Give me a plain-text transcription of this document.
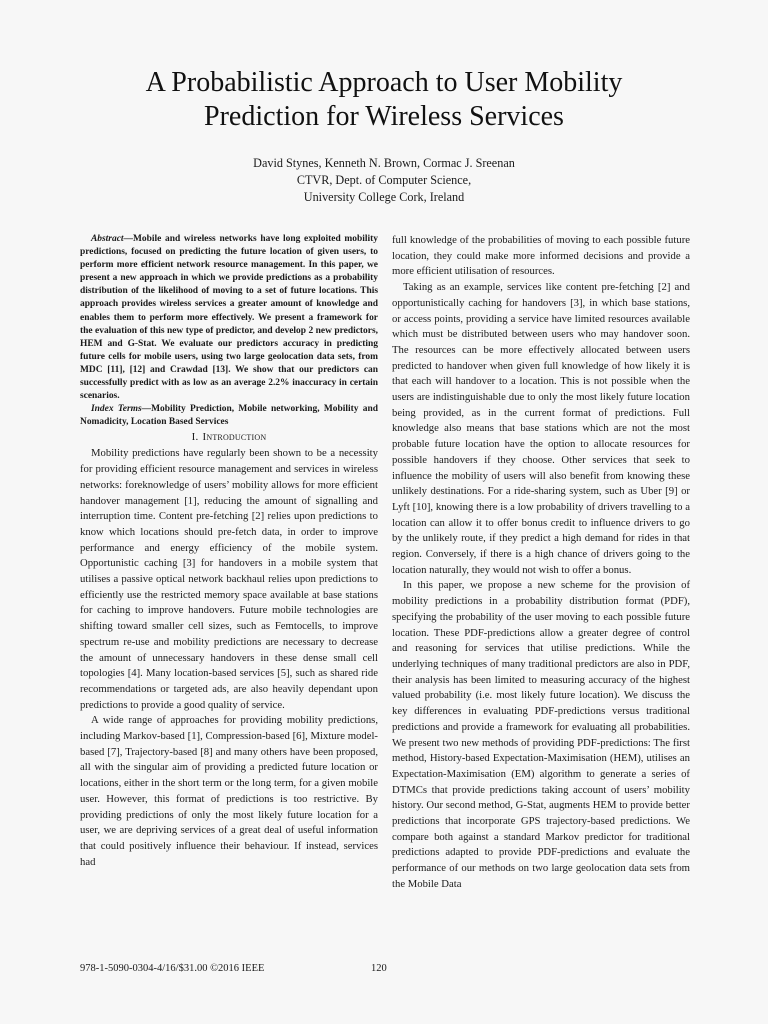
A Probabilistic Approach to User Mobility
Prediction for Wireless Services
David Stynes, Kenneth N. Brown, Cormac J. Sreenan
CTVR, Dept. of Computer Science,
University College Cork, Ireland

Abstract—Mobile and wireless networks have long exploited mobility predictions, focused on predicting the future location of given users, to perform more efficient network resource management. In this paper, we present a new approach in which we provide predictions as a probability distribution of the likelihood of moving to a set of future locations. This approach provides wireless services a greater amount of knowledge and enables them to perform more effectively. We present a framework for the evaluation of this new type of predictor, and develop 2 new predictors, HEM and G-Stat. We evaluate our predictors accuracy in predicting future cells for mobile users, using two large geolocation data sets, from MDC [11], [12] and Crawdad [13]. We show that our predictors can successfully predict with as low as an average 2.2% inaccuracy in certain scenarios.

Index Terms—Mobility Prediction, Mobile networking, Mobility and Nomadicity, Location Based Services

I. Introduction

Mobility predictions have regularly been shown to be a necessity for providing efficient resource management and services in wireless networks: foreknowledge of users’ mobility allows for more efficient handover management [1], reducing the amount of signalling and interruption time. Content pre-fetching [2] relies upon predictions to know which locations should pre-fetch data, in order to improve performance and energy efficiency of the mobile system. Opportunistic caching [3] for handovers in a mobile system that utilises a passive optical network backhaul relies upon predictions to efficiently use the restricted memory space available at base stations for caching to improve handovers. Future mobile technologies are shifting toward smaller cell sizes, such as Femtocells, to improve spectrum re-use and mobility predictions are necessary to decrease the amount of unnecessary handovers in these dense small cell topologies [4]. Many location-based services [5], such as shared ride recommendations or targeted ads, are also heavily dependant upon predictions to provide a good quality of service.

A wide range of approaches for providing mobility predictions, including Markov-based [1], Compression-based [6], Mixture model-based [7], Trajectory-based [8] and many others have been proposed, all with the singular aim of providing a predicted future location or locations, either in the short term or the long term, for a given mobile user. However, this format of predictions is too restrictive. By providing predictions of only the most likely future location for a user, we are depriving services of a great deal of useful information that could positively influence their behaviour. If instead, services had

full knowledge of the probabilities of moving to each possible future location, they could make more informed decisions and provide a more efficient utilisation of resources.

Taking as an example, services like content pre-fetching [2] and opportunistically caching for handovers [3], in which base stations, or access points, providing a service have limited resources available which must be distributed between users who may handover soon. The resources can be more effectively allocated between users predicted to handover when given full knowledge of how likely it is that each will handover to a location. This is not possible when the users are indistinguishable due to only the most likely future location being provided, as in the current format of predictions. Full knowledge also means that base stations which are not the most probable future location have the option to allocate resources for possible handovers if they choose. Other services that seek to influence the mobility of users will also benefit from knowing these unlikely destinations. For a ride-sharing system, such as Uber [9] or Lyft [10], knowing there is a low probability of drivers travelling to a location can allow it to offer bonus credit to influence drivers to go by the unlikely route, if they predict a high demand for rides in that region. Conversely, if there is a high chance of drivers going to the location naturally, they would not wish to offer a bonus.

In this paper, we propose a new scheme for the provision of mobility predictions in a probability distribution format (PDF), specifying the probability of the user moving to each possible future location. These PDF-predictions allow a greater degree of control and reasoning for services that utilise predictions. While the underlying techniques of many traditional predictors are also in PDF, their analysis has been limited to measuring accuracy of the highest valued probability (i.e. most likely future location). We discuss the key differences in evaluating PDF-predictions versus traditional predictions and provide a framework for evaluating all probabilities. We present two new methods of providing PDF-predictions: The first method, History-based Expectation-Maximisation (HEM), utilises an Expectation-Maximisation (EM) algorithm to generate a series of DTMCs that provide predictions taking account of users’ mobility history. Our second method, G-Stat, augments HEM to provide better predictions that incorporate GPS trajectory-based predictions. We compare both against a standard Markov predictor for traditional predictions adapted to provide PDF-predictions and evaluate the performance of our methods on two large geolocation data sets from the Mobile Data

978-1-5090-0304-4/16/$31.00 ©2016 IEEE	120
